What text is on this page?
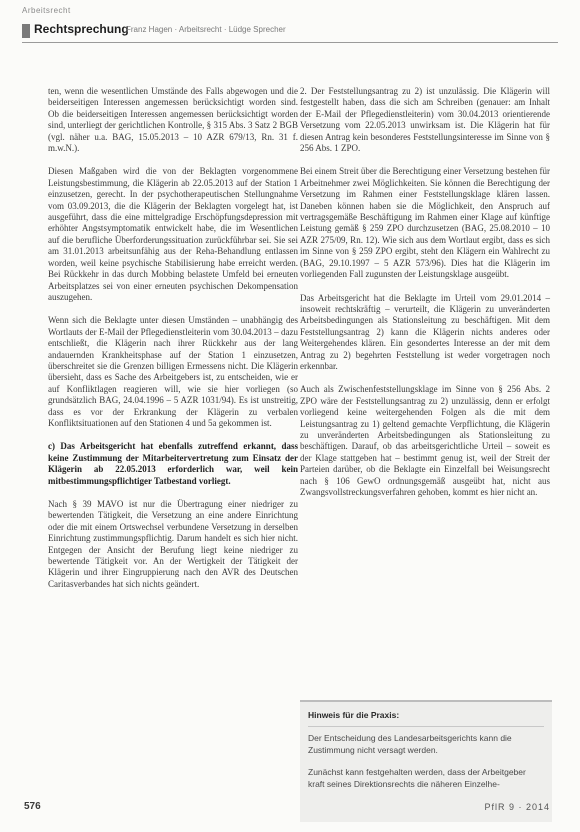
Arbeitsrecht
Rechtsprechung
Franz Hagen · Arbeitsrecht · Lüdge Sprecher

ten, wenn die wesentlichen Umstände des Falls abgewogen und die beiderseitigen Interessen angemessen berücksichtigt worden sind. Ob die beiderseitigen Interessen angemessen berücksichtigt worden sind, unterliegt der gerichtlichen Kontrolle, § 315 Abs. 3 Satz 2 BGB (vgl. näher u.a. BAG, 15.05.2013 – 10 AZR 679/13, Rn. 31 f. m.w.N.).

Diesen Maßgaben wird die von der Beklagten vorgenommene Leistungsbestimmung, die Klägerin ab 22.05.2013 auf der Station 1 einzusetzen, gerecht. In der psychotherapeutischen Stellungnahme vom 03.09.2013, die die Klägerin der Beklagten vorgelegt hat, ist ausgeführt, dass die eine mittelgradige Erschöpfungsdepression mit erhöhter Angstsymptomatik entwickelt habe, die im Wesentlichen auf die berufliche Überforderungssituation zurückführbar sei. Sie sei am 31.01.2013 arbeitsunfähig aus der Reha-Behandlung entlassen worden, weil keine psychische Stabilisierung habe erreicht werden. Bei Rückkehr in das durch Mobbing belastete Umfeld bei erneuten Arbeitsplatzes sei von einer erneuten psychischen Dekompensation auszugehen.

Wenn sich die Beklagte unter diesen Umständen – unabhängig des Wortlauts der E-Mail der Pflegedienstleiterin vom 30.04.2013 – dazu entschließt, die Klägerin nach ihrer Rückkehr aus der lang andauernden Krankheitsphase auf der Station 1 einzusetzen, überschreitet sie die Grenzen billigen Ermessens nicht. Die Klägerin übersieht, dass es Sache des Arbeitgebers ist, zu entscheiden, wie er auf Konfliktlagen reagieren will, wie sie hier vorliegen (so grundsätzlich BAG, 24.04.1996 – 5 AZR 1031/94). Es ist unstreitig, dass es vor der Erkrankung der Klägerin zu verbalen Konfliktsituationen auf den Stationen 4 und 5a gekommen ist.

c) Das Arbeitsgericht hat ebenfalls zutreffend erkannt, dass keine Zustimmung der Mitarbeitervertretung zum Einsatz der Klägerin ab 22.05.2013 erforderlich war, weil kein mitbestimmungspflichtiger Tatbestand vorliegt.

Nach § 39 MAVO ist nur die Übertragung einer niedriger zu bewertenden Tätigkeit, die Versetzung an eine andere Einrichtung oder die mit einem Ortswechsel verbundene Versetzung in derselben Einrichtung zustimmungspflichtig. Darum handelt es sich hier nicht. Entgegen der Ansicht der Berufung liegt keine niedriger zu bewertende Tätigkeit vor. An der Wertigkeit der Tätigkeit der Klägerin und ihrer Eingruppierung nach den AVR des Deutschen Caritasverbandes hat sich nichts geändert.

2. Der Feststellungsantrag zu 2) ist unzulässig. Die Klägerin will festgestellt haben, dass die sich am Schreiben (genauer: am Inhalt der E-Mail der Pflegedienstleiterin) vom 30.04.2013 orientierende Versetzung vom 22.05.2013 unwirksam ist. Die Klägerin hat für diesen Antrag kein besonderes Feststellungsinteresse im Sinne von § 256 Abs. 1 ZPO.

Bei einem Streit über die Berechtigung einer Versetzung bestehen für Arbeitnehmer zwei Möglichkeiten. Sie können die Berechtigung der Versetzung im Rahmen einer Feststellungsklage klären lassen. Daneben können haben sie die Möglichkeit, den Anspruch auf vertragsgemäße Beschäftigung im Rahmen einer Klage auf künftige Leistung gemäß § 259 ZPO durchzusetzen (BAG, 25.08.2010 – 10 AZR 275/09, Rn. 12). Wie sich aus dem Wortlaut ergibt, dass es sich im Sinne von § 259 ZPO ergibt, steht den Klägern ein Wahlrecht zu (BAG, 29.10.1997 – 5 AZR 573/96). Dies hat die Klägerin im vorliegenden Fall zugunsten der Leistungsklage ausgeübt.

Das Arbeitsgericht hat die Beklagte im Urteil vom 29.01.2014 – insoweit rechtskräftig – verurteilt, die Klägerin zu unveränderten Arbeitsbedingungen als Stationsleitung zu beschäftigen. Mit dem Feststellungsantrag 2) kann die Klägerin nichts anderes oder Weitergehendes klären. Ein gesondertes Interesse an der mit dem Antrag zu 2) begehrten Feststellung ist weder vorgetragen noch erkennbar.

Auch als Zwischenfeststellungsklage im Sinne von § 256 Abs. 2 ZPO wäre der Feststellungsantrag zu 2) unzulässig, denn er erfolgt vorliegend keine weitergehenden Folgen als die mit dem Leistungsantrag zu 1) geltend gemachte Verpflichtung, die Klägerin zu unveränderten Arbeitsbedingungen als Stationsleitung zu beschäftigen. Darauf, ob das arbeitsgerichtliche Urteil – soweit es der Klage stattgeben hat – bestimmt genug ist, weil der Streit der Parteien darüber, ob die Beklagte ein Einzelfall bei Weisungsrecht nach § 106 GewO ordnungsgemäß ausgeübt hat, nicht aus Zwangsvollstreckungsverfahren gehoben, kommt es hier nicht an.

Hinweis für die Praxis:

Der Entscheidung des Landesarbeitsgerichts kann die Zustimmung nicht versagt werden.

Zunächst kann festgehalten werden, dass der Arbeitgeber kraft seines Direktionsrechts die näheren Einzelhe-

576	PflR 9 · 2014
